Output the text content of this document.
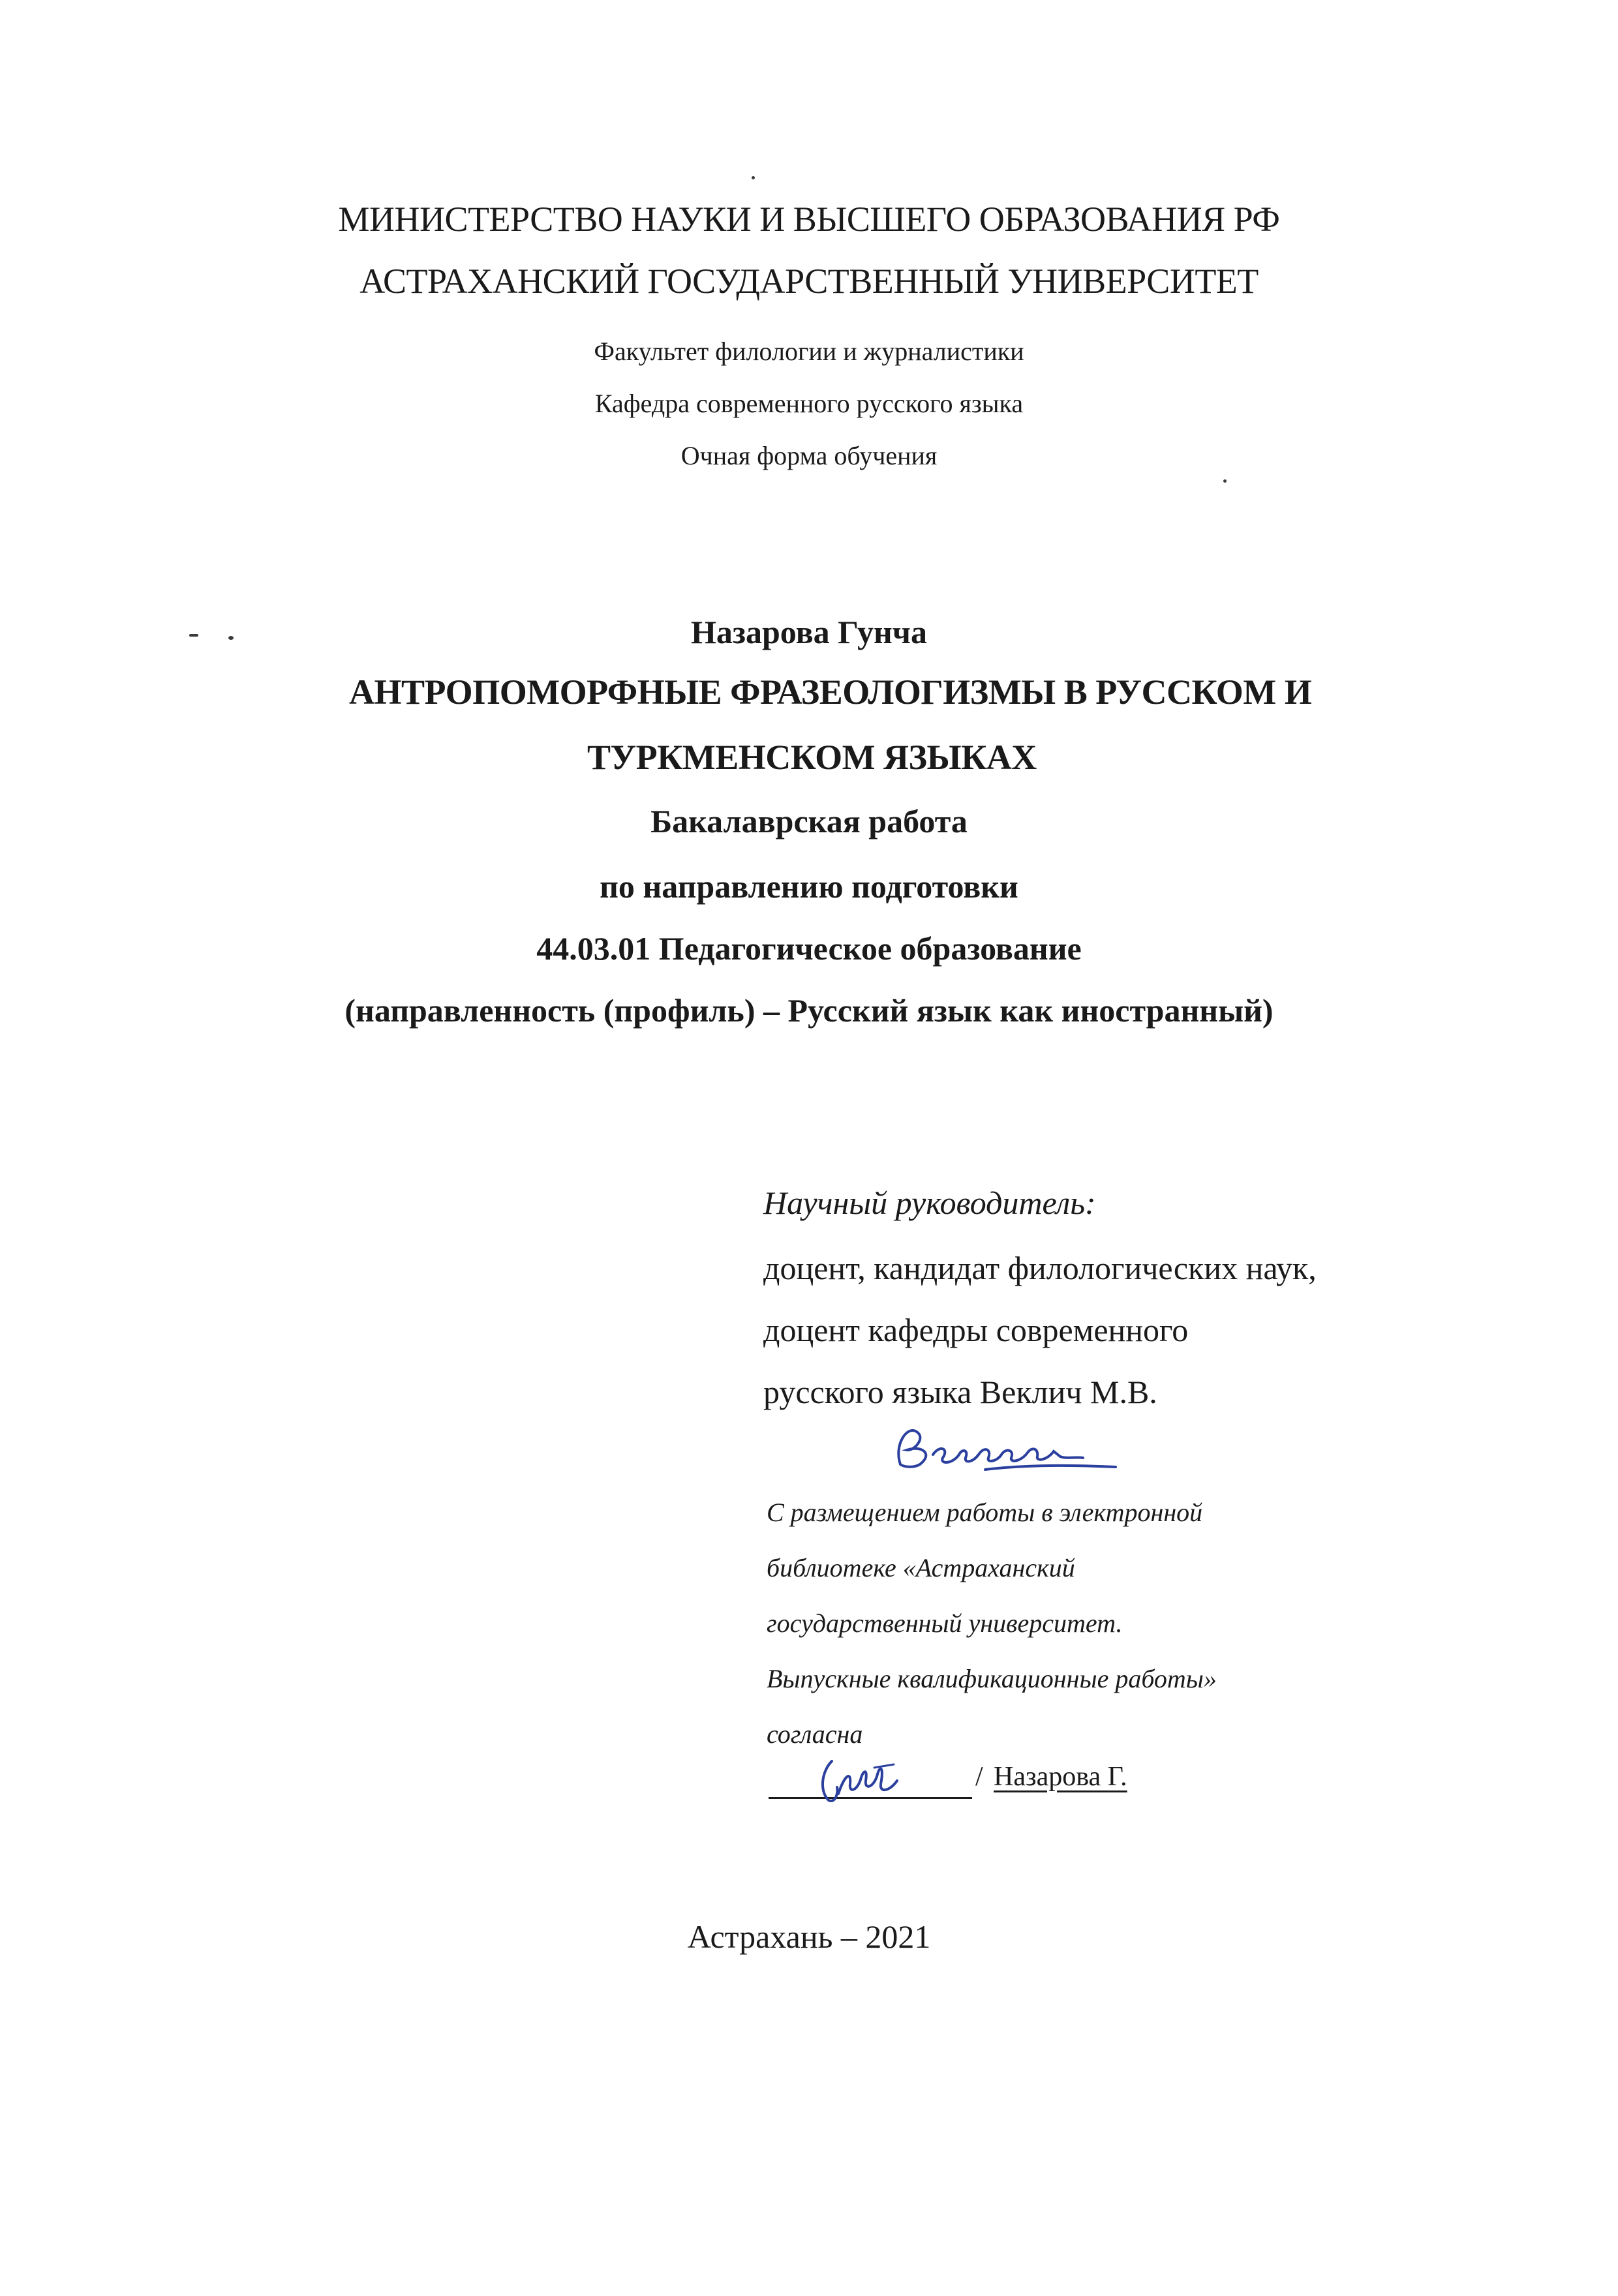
МИНИСТЕРСТВО НАУКИ И ВЫСШЕГО ОБРАЗОВАНИЯ РФ
АСТРАХАНСКИЙ ГОСУДАРСТВЕННЫЙ УНИВЕРСИТЕТ
Факультет филологии и журналистики
Кафедра современного русского языка
Очная форма обучения
Назарова Гунча
АНТРОПОМОРФНЫЕ ФРАЗЕОЛОГИЗМЫ В РУССКОМ И
ТУРКМЕНСКОМ ЯЗЫКАХ
Бакалаврская работа
по направлению подготовки
44.03.01 Педагогическое образование
(направленность (профиль) – Русский язык как иностранный)
Научный руководитель:
доцент, кандидат филологических наук,
доцент кафедры современного
русского языка Веклич М.В.
С размещением работы в электронной
библиотеке «Астраханский
государственный университет.
Выпускные квалификационные работы»
согласна
/ Назарова Г.
Астрахань – 2021
